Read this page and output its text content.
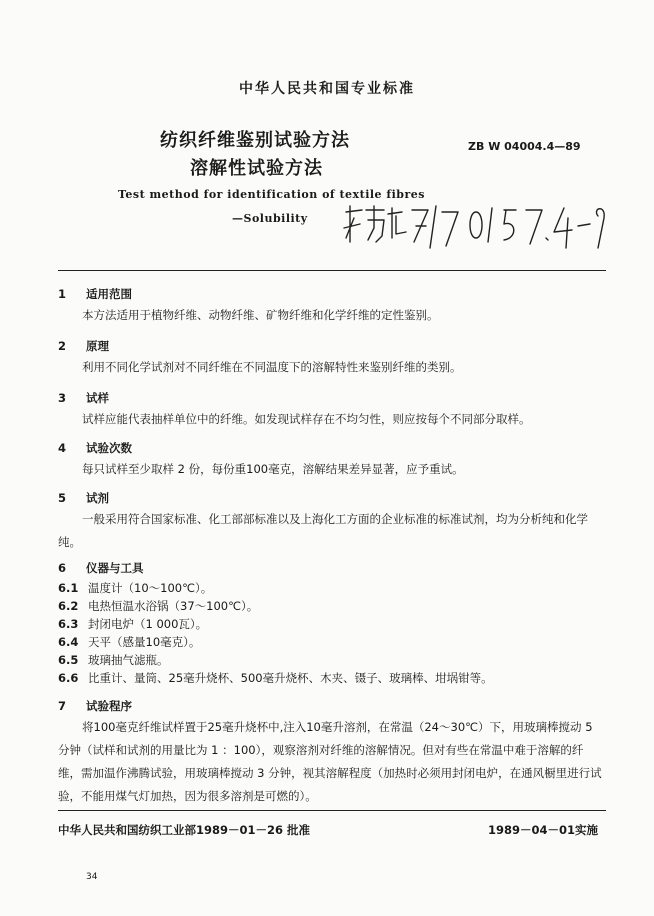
中华人民共和国专业标准
纺织纤维鉴别试验方法
溶解性试验方法
ZB W 04004.4—89
Test method for identification of textile fibres
—Solubility
1 适用范围
本方法适用于植物纤维、动物纤维、矿物纤维和化学纤维的定性鉴别。
2 原理
利用不同化学试剂对不同纤维在不同温度下的溶解特性来鉴别纤维的类别。
3 试样
试样应能代表抽样单位中的纤维。如发现试样存在不均匀性，则应按每个不同部分取样。
4 试验次数
每只试样至少取样 2 份，每份重100毫克，溶解结果差异显著，应予重试。
5 试剂
一般采用符合国家标准、化工部部标准以及上海化工方面的企业标准的标准试剂，均为分析纯和化学纯。
6 仪器与工具
6.1 温度计（10～100℃）。
6.2 电热恒温水浴锅（37～100℃）。
6.3 封闭电炉（1 000瓦）。
6.4 天平（感量10毫克）。
6.5 玻璃抽气滤瓶。
6.6 比重计、量筒、25毫升烧杯、500毫升烧杯、木夹、镊子、玻璃棒、坩埚钳等。
7 试验程序
将100毫克纤维试样置于25毫升烧杯中,注入10毫升溶剂，在常温（24～30℃）下，用玻璃棒搅动 5 分钟（试样和试剂的用量比为 1 ：100），观察溶剂对纤维的溶解情况。但对有些在常温中难于溶解的纤维，需加温作沸腾试验，用玻璃棒搅动 3 分钟，视其溶解程度（加热时必须用封闭电炉，在通风橱里进行试验，不能用煤气灯加热，因为很多溶剂是可燃的）。
中华人民共和国纺织工业部1989－01－26 批准	1989－04－01实施
34
